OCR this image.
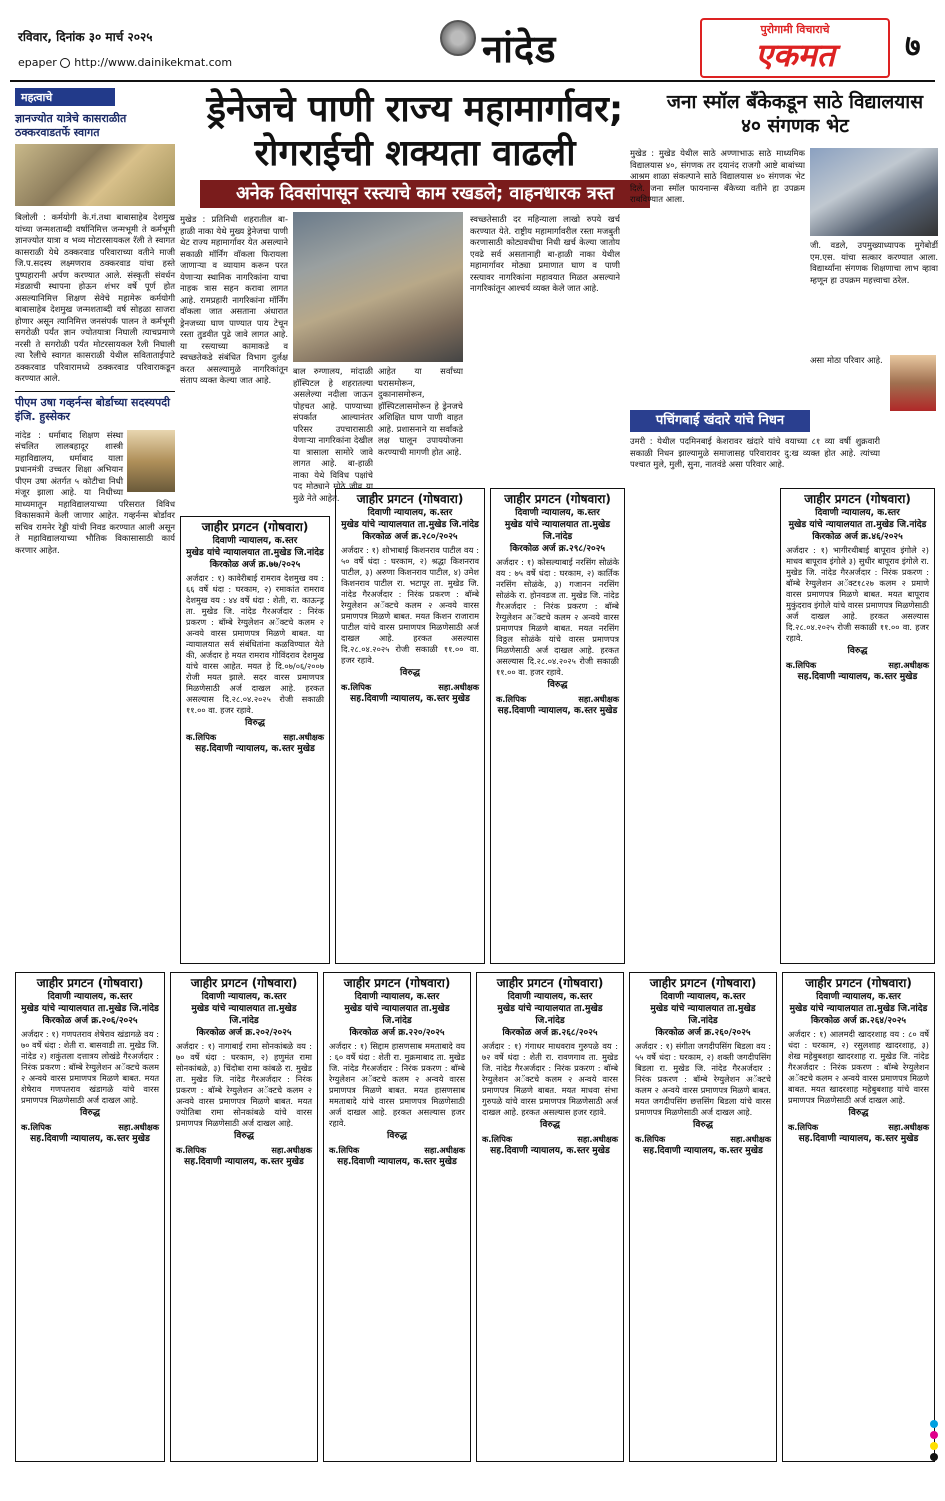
रविवार, दिनांक ३० मार्च २०२५
epaper http://www.dainikekmat.com	नांदेड	पुरोगामी विचाराचे
एकमत	७
महत्वाचे
ज्ञानज्योत यात्रेचे कासराळीत ठक्करवाडतर्फे स्वागत
बिलोली : कर्मयोगी के.गं.तथा बाबासाहेब देशमुख यांच्या जन्मशताब्दी वर्षानिमित्त जन्मभूमी ते कर्मभूमी ज्ञानज्योत यात्रा व भव्य मोटारसायकल रॅली ते स्वागत कासराळी येथे ठक्करवाड परिवाराच्या वतीने माजी जि.प.सदस्य लक्ष्मणराव ठक्करवाड यांचा हस्ते पुष्पहारानी अर्पण करण्यात आले. संस्कृती संवर्धन मंडळाची स्थापना होऊन शंभर वर्षे पूर्ण होत असल्यानिमित्त शिक्षण सेवेचे महामेरू कर्मयोगी बाबासाहेब देशमुख जन्मशताब्दी वर्ष सोहळा साजरा होणार असून त्यानिमित्त जनसंपर्क पालन ते कर्मभूमी सगरोळी पर्यंत ज्ञान ज्योतयात्रा निघाली त्याचप्रमाणे नरसी ते सगरोळी पर्यंत मोटरसायकल रैली निघाली त्या रैलीचे स्वागत कासराळी येथील सविताताईपाटे ठक्करवाड परिवारामध्ये ठक्करवाड परिवाराकडून करण्यात आले.
पीएम उषा गव्हर्नन्स बोर्डाच्या सदस्यपदी इंजि. हुस्सेकर
नांदेड : धर्माबाद शिक्षण संस्था संचलित लालबहादूर शास्त्री महाविद्यालय, धर्माबाद याला प्रधानमंत्री उच्चतर शिक्षा अभियान पीएम उषा अंतर्गत ५ कोटीचा निधी मंजूर झाला आहे. या निधीच्या माध्यमातून महाविद्यालयाच्या परिसरात विविध विकासकामे केली जाणार आहेत. गव्हर्नन्स बोर्डावर सचिव रामनेर रेड्डी यांची निवड करण्यात आली असून ते महाविद्यालयाच्या भौतिक विकासासाठी कार्य करणार आहेत.
ड्रेनेजचे पाणी राज्य महामार्गावर; रोगराईची शक्यता वाढली
अनेक दिवसांपासून रस्त्याचे काम रखडले; वाहनधारक त्रस्त
मुखेड : प्रतिनिधी शहरातील बा-हाळी नाका येथे मुख्य ड्रेनेजचा पाणी थेट राज्य महामार्गावर येत असल्याने सकाळी मॉर्निंग वॉकला फिरायला जाणाऱ्या व व्यायाम करून परत येणाऱ्या स्थानिक नागरिकांना याचा नाहक त्रास सहन करावा लागत आहे. रामप्रहारी नागरिकांना मॉर्निंग वॉकला जात असताना अंधारात ड्रेनजच्या घाण पाण्यात पाय टेचून रस्ता तुडवीत पुढे जावे लागत आहे. या रस्त्याच्या कामाकडे व स्वच्छतेकडे संबंधित विभाग दुर्लक्ष करत असल्यामुळे नागरिकांतून संताप व्यक्त केल्या जात आहे.
बाल रुग्णालय, मांदाळी हॉस्पिटल हे शहरातल्या असलेल्या नदीला जाऊन पोहचत आहे. पाण्याच्या संपर्कात आल्यानंतर परिसर उपचारासाठी येणाऱ्या नागरिकांना देखील या त्रासाला सामोरे जावे लागत आहे. बा-हाळी नाका येथे विविध पक्षांचे पद मोठ्याने मोठे जीव या मुळे नेते आहेत.
आहेत या सर्वांच्या घरासमोरून, दुकानासमोरून, हॉस्पिटलासमोरून हे ड्रेनजचे अशिक्षित घाण पाणी वाहत आहे. प्रशासनाने या सर्वांकडे लक्ष घालून उपाययोजना करण्याची मागणी होत आहे.
स्वच्छतेसाठी दर महिन्याला लाखो रुपये खर्च करण्यात येते. राष्ट्रीय महामार्गावरील रस्ता मजबुती करणासाठी कोट्यवधीचा निधी खर्च केल्या जातोय एवढे सर्व असतानाही बा-हाळी नाका येथील महामार्गावर मोठ्या प्रमाणात घाण व पाणी रस्त्यावर नागरिकांना महावयात मिळत असल्याने नागरिकांतून आश्चर्य व्यक्त केले जात आहे.
जना स्मॉल बँकेकडून साठे विद्यालयास ४० संगणक भेट
मुखेड : मुखेड येथील साठे अण्णाभाऊ साठे माध्यमिक विद्यालयास ४०, संगणक तर दयानंद राजगौ आष्टे बाबांच्या आश्रम शाळा संकल्पाने साठे विद्यालयास ४० संगणक भेट दिले. जना स्मॉल फायनान्स बँकेच्या वतीने हा उपक्रम राबविण्यात आला.
जी. वडले, उपमुख्याध्यापक मुगेबोर्डी एम.एस. यांचा सत्कार करण्यात आला. विद्यार्थ्यांना संगणक शिक्षणाचा लाभ व्हावा म्हणून हा उपक्रम महत्त्वाचा ठरेल.
पचिंगबाई खंदारे यांचे निधन
उमरी : येथील पदमिनबाई केशरावर खंदारे यांचे वयाच्या ८१ व्या वर्षी शुक्रवारी सकाळी निधन झाल्यामुळे समाजासह परिवारावर दु:ख व्यक्त होत आहे. त्यांच्या पश्चात मुले, मुली, सुना, नातवंडे असा परिवार आहे.
असा मोठा परिवार आहे.
जाहीर प्रगटन (गोषवारा)
दिवाणी न्यायालय, क.स्तर
मुखेड यांचे न्यायालयात ता.मुखेड जि.नांदेड
किरकोळ अर्ज क्र.७७/२०२५
अर्जदार : १) कावेरीबाई रामराव देशमुख वय : ६६ वर्षे धंदा : घरकाम, २) रमाकांत रामराव देशमुख वय : ४४ वर्षे धंदा : शेती, रा. काऊन्ड्र ता. मुखेड जि. नांदेड गैरअर्जदार : निरंक प्रकरण : बॉम्बे रेग्युलेशन अॅक्टचे कलम २ अन्वये वारस प्रमाणपत्र मिळणे बाबत. या न्यायालयात सर्व संबंधितांना कळविण्यात येते की, अर्जदार हे मयत रामराव गोविंदराव देशमुख यांचे वारस आहेत. मयत हे दि.०७/०६/२००७ रोजी मयत झाले. सदर वारस प्रमाणपत्र मिळणेसाठी अर्ज दाखल आहे. हरकत असल्यास दि.२८.०४.२०२५ रोजी सकाळी ११.०० वा. हजर रहावे.
विरुद्ध
क.लिपिक	सहा.अधीक्षक
सह.दिवाणी न्यायालय, क.स्तर मुखेड
जाहीर प्रगटन (गोषवारा)
दिवाणी न्यायालय, क.स्तर
मुखेड यांचे न्यायालयात ता.मुखेड जि.नांदेड
किरकोळ अर्ज क्र.२८०/२०२५
अर्जदार : १) शोभाबाई किशनराव पाटील वय : ५० वर्षे धंदा : घरकाम, २) श्रद्धा किशनराव पाटील, ३) अरुणा किशनराव पाटील, ४) उमेश किशनराव पाटील रा. भटापूर ता. मुखेड जि. नांदेड गैरअर्जदार : निरंक प्रकरण : बॉम्बे रेग्युलेशन अॅक्टचे कलम २ अन्वये वारस प्रमाणपत्र मिळणे बाबत. मयत किशन राजाराम पाटील यांचे वारस प्रमाणपत्र मिळणेसाठी अर्ज दाखल आहे. हरकत असल्यास दि.२८.०४.२०२५ रोजी सकाळी ११.०० वा. हजर रहावे.
विरुद्ध
क.लिपिक	सहा.अधीक्षक
सह.दिवाणी न्यायालय, क.स्तर मुखेड
जाहीर प्रगटन (गोषवारा)
दिवाणी न्यायालय, क.स्तर
मुखेड यांचे न्यायालयात ता.मुखेड जि.नांदेड
किरकोळ अर्ज क्र.२९८/२०२५
अर्जदार : १) कोसल्याबाई नरसिंग सोळंके वय : ७५ वर्षे धंदा : घरकाम, २) कार्तिक नरसिंग सोळंके, ३) गजानन नरसिंग सोळंके रा. होनवडज ता. मुखेड जि. नांदेड गैरअर्जदार : निरंक प्रकरण : बॉम्बे रेग्युलेशन अॅक्टचे कलम २ अन्वये वारस प्रमाणपत्र मिळणे बाबत. मयत नरसिंग विठ्ठल सोळंके यांचे वारस प्रमाणपत्र मिळणेसाठी अर्ज दाखल आहे. हरकत असल्यास दि.२८.०४.२०२५ रोजी सकाळी ११.०० वा. हजर रहावे.
विरुद्ध
क.लिपिक	सहा.अधीक्षक
सह.दिवाणी न्यायालय, क.स्तर मुखेड
जाहीर प्रगटन (गोषवारा)
दिवाणी न्यायालय, क.स्तर
मुखेड यांचे न्यायालयात ता.मुखेड जि.नांदेड
किरकोळ अर्ज क्र.४६/२०२५
अर्जदार : १) भागीरथीबाई बापूराव इंगोले २) माधव बापूराव इंगोले ३) सुधीर बापूराव इंगोले रा. मुखेड जि. नांदेड गैरअर्जदार : निरंक प्रकरण : बॉम्बे रेग्युलेशन अॅक्ट१८२७ कलम २ प्रमाणे वारस प्रमाणपत्र मिळणे बाबत. मयत बापूराव मुकुंदराव इंगोले यांचे वारस प्रमाणपत्र मिळणेसाठी अर्ज दाखल आहे. हरकत असल्यास दि.२८.०४.२०२५ रोजी सकाळी ११.०० वा. हजर रहावे.
विरुद्ध
क.लिपिक	सहा.अधीक्षक
सह.दिवाणी न्यायालय, क.स्तर मुखेड
जाहीर प्रगटन (गोषवारा)
दिवाणी न्यायालय, क.स्तर
मुखेड यांचे न्यायालयात ता.मुखेड जि.नांदेड
किरकोळ अर्ज क्र.२०६/२०२५
अर्जदार : १) गणपतराव शेषेराव खंडागळे वय : ७० वर्षे धंदा : शेती रा. बासवाडी ता. मुखेड जि. नांदेड २) शकुंतला दत्तात्रय लोखंडे गैरअर्जदार : निरंक प्रकरण : बॉम्बे रेग्युलेशन अॅक्टचे कलम २ अन्वये वारस प्रमाणपत्र मिळणे बाबत. मयत शेषेराव गणपतराव खंडागळे यांचे वारस प्रमाणपत्र मिळणेसाठी अर्ज दाखल आहे.
विरुद्ध
क.लिपिक	सहा.अधीक्षक
सह.दिवाणी न्यायालय, क.स्तर मुखेड
जाहीर प्रगटन (गोषवारा)
दिवाणी न्यायालय, क.स्तर
मुखेड यांचे न्यायालयात ता.मुखेड जि.नांदेड
किरकोळ अर्ज क्र.२०२/२०२५
अर्जदार : १) नागाबाई रामा सोनकांबळे वय : ७० वर्षे धंदा : घरकाम, २) हणुमंत रामा सोनकांबळे, ३) चिंदोबा रामा कांबळे रा. मुखेड ता. मुखेड जि. नांदेड गैरअर्जदार : निरंक प्रकरण : बॉम्बे रेग्युलेशन अॅक्टचे कलम २ अन्वये वारस प्रमाणपत्र मिळणे बाबत. मयत ज्योतिबा रामा सोनकांबळे यांचे वारस प्रमाणपत्र मिळणेसाठी अर्ज दाखल आहे.
विरुद्ध
क.लिपिक	सहा.अधीक्षक
सह.दिवाणी न्यायालय, क.स्तर मुखेड
जाहीर प्रगटन (गोषवारा)
दिवाणी न्यायालय, क.स्तर
मुखेड यांचे न्यायालयात ता.मुखेड जि.नांदेड
किरकोळ अर्ज क्र.२२०/२०२५
अर्जदार : १) सिद्दाम हासणसाब ममताबादे वय : ६० वर्षे धंदा : शेती रा. मुक्रमाबाद ता. मुखेड जि. नांदेड गैरअर्जदार : निरंक प्रकरण : बॉम्बे रेग्युलेशन अॅक्टचे कलम २ अन्वये वारस प्रमाणपत्र मिळणे बाबत. मयत हासणसाब ममताबादे यांचे वारस प्रमाणपत्र मिळणेसाठी अर्ज दाखल आहे. हरकत असल्यास हजर रहावे.
विरुद्ध
क.लिपिक	सहा.अधीक्षक
सह.दिवाणी न्यायालय, क.स्तर मुखेड
जाहीर प्रगटन (गोषवारा)
दिवाणी न्यायालय, क.स्तर
मुखेड यांचे न्यायालयात ता.मुखेड जि.नांदेड
किरकोळ अर्ज क्र.२६८/२०२५
अर्जदार : १) गंगाधर माधवराव गुरुपळे वय : ७२ वर्षे धंदा : शेती रा. रावणगाव ता. मुखेड जि. नांदेड गैरअर्जदार : निरंक प्रकरण : बॉम्बे रेग्युलेशन अॅक्टचे कलम २ अन्वये वारस प्रमाणपत्र मिळणे बाबत. मयत माधवा संभा गुरुपळे यांचे वारस प्रमाणपत्र मिळणेसाठी अर्ज दाखल आहे. हरकत असल्यास हजर रहावे.
विरुद्ध
क.लिपिक	सहा.अधीक्षक
सह.दिवाणी न्यायालय, क.स्तर मुखेड
जाहीर प्रगटन (गोषवारा)
दिवाणी न्यायालय, क.स्तर
मुखेड यांचे न्यायालयात ता.मुखेड जि.नांदेड
किरकोळ अर्ज क्र.२६०/२०२५
अर्जदार : १) संगीता जगदीपसिंग बिडला वय : ५५ वर्षे धंदा : घरकाम, २) शक्ती जगदीपसिंग बिडला रा. मुखेड जि. नांदेड गैरअर्जदार : निरंक प्रकरण : बॉम्बे रेग्युलेशन अॅक्टचे कलम २ अन्वये वारस प्रमाणपत्र मिळणे बाबत. मयत जगदीपसिंग छत्तसिंग बिडला यांचे वारस प्रमाणपत्र मिळणेसाठी अर्ज दाखल आहे.
विरुद्ध
क.लिपिक	सहा.अधीक्षक
सह.दिवाणी न्यायालय, क.स्तर मुखेड
जाहीर प्रगटन (गोषवारा)
दिवाणी न्यायालय, क.स्तर
मुखेड यांचे न्यायालयात ता.मुखेड जि.नांदेड
किरकोळ अर्ज क्र.२६४/२०२५
अर्जदार : १) आलमदी खादरशाह वय : ८० वर्षे धंदा : घरकाम, २) रसुलशाह खादरशाह, ३) शेख महेबुबशहा खादरशाह रा. मुखेड जि. नांदेड गैरअर्जदार : निरंक प्रकरण : बॉम्बे रेग्युलेशन अॅक्टचे कलम २ अन्वये वारस प्रमाणपत्र मिळणे बाबत. मयत खादरशाह महेबुबशाह यांचे वारस प्रमाणपत्र मिळणेसाठी अर्ज दाखल आहे.
विरुद्ध
क.लिपिक	सहा.अधीक्षक
सह.दिवाणी न्यायालय, क.स्तर मुखेड
